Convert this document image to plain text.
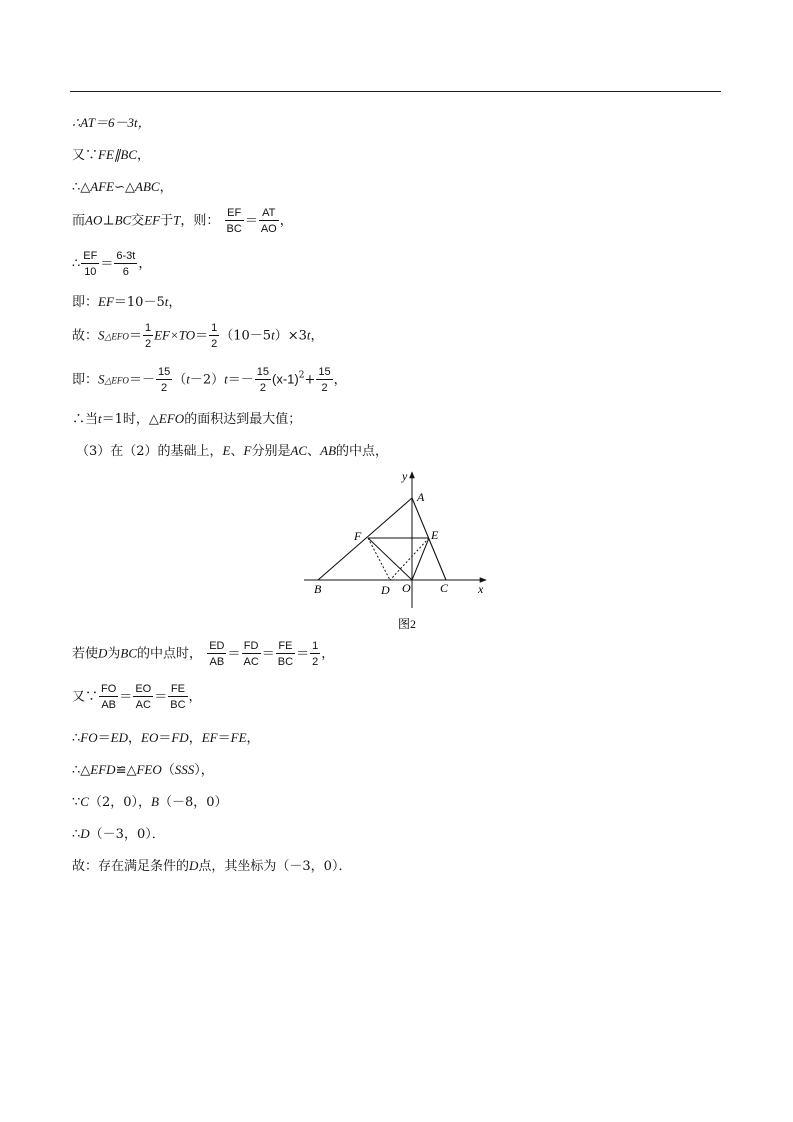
∴AT＝6－3t，
又∵FE∥BC，
∴△AFE∽△ABC，
而AO⊥BC交EF于T，则： $\frac{EF}{BC} = \frac{AT}{AO}$ ，
∴ $\frac{EF}{10} = \frac{6-3t}{6}$ ，
即：EF＝10－5t，
故：S△EFO＝ $\frac{1}{2} EF\times TO= \frac{1}{2} (10-5t)\times 3t$，
即：S△EFO＝－ $\frac{15}{2} (t-2)t=- \frac{15}{2} (x-1)^2+ \frac{15}{2}$ ，
∴当t＝1时，△EFO的面积达到最大值；
（3）在（2）的基础上，E、F分别是AC、AB的中点，
y
A
F	E
B	D O C x
图2
若使D为BC的中点时， $\frac{ED}{AB} = \frac{FD}{AC} = \frac{FE}{BC} = \frac{1}{2}$ ，
又∵ $\frac{FO}{AB} = \frac{EO}{AC} = \frac{FE}{BC}$ ，
∴FO＝ED，EO＝FD，EF＝FE，
∴△EFD≌△FEO（SSS），
∵C（2，0），B（－8，0）
∴D（－3，0）．
故：存在满足条件的D点，其坐标为（－3，0）．
